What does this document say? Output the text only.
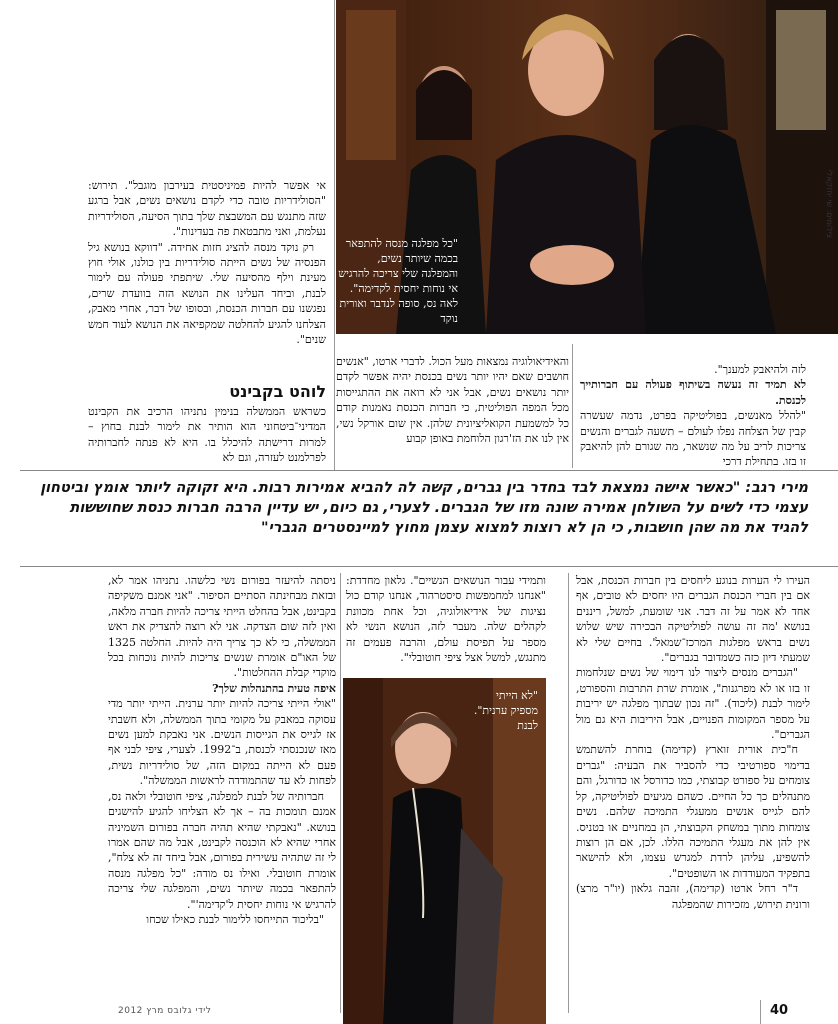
"כל מפלגה מנסה להתפאר בכמה שיותר נשים, והמפלגה שלי צריכה להרגיש אי נוחות יחסית לקדימה". לאה נס, סופה לנדבר ואורית נוקד
צילומים: שי יחזקאלי

אי אפשר להיות פמיניסטית בעירבון מוגבל". תירוש: "הסולידריות טובה כדי לקדם נושאים נשים, אבל ברגע שזה מתנגש עם המשבצת שלך בתוך הסיעה, הסולידריות נעלמת, ואני מתבטאת פה בעדינות".

רק נוקד מנסה להציג חזות אחידה. "דווקא בנושא גיל הפנסיה של נשים הייתה סולידריות בין כולנו, אולי חוץ מעינת וילף מהסיעה שלי. שיתפתי פעולה עם לימור לבנת, וביחד העלינו את הנושא הזה בוועדת שרים, נפגשנו עם חברות הכנסת, ובסופו של דבר, אחרי מאבק, הצלחנו להגיע להחלטה שמקפיאה את הנושא לעוד חמש שנים".

לוהט בקבינט
כשראש הממשלה בנימין נתניהו הרכיב את הקבינט המדיני־ביטחוני הוא הותיר את לימור לבנת בחוץ – למרות דרישתה להיכלל בו. היא לא פנתה לחברותיה לפרלמנט לעזרה, וגם לא
והאידיאולוגיה נמצאות מעל הכול. לדברי ארטו, "אנשים חושבים שאם יהיו יותר נשים בכנסת יהיה אפשר לקדם יותר נושאים נשים, אבל אני לא רואה את ההתגייסות מכל המפה הפוליטית, כי חברות הכנסת נאמנות קודם כל למשמעת הקואליציונית שלהן. אין שום אורקל נשי, אין לנו את הז'רגון הלוחמת באופן קבוע

לזה ולהיאבק למענך".

לא תמיד זה נעשה בשיתוף פעולה עם חברותייך לכנסת.

"להלל מאנשים, בפוליטיקה בפרט, נדמה שעשרה קבין של הצלחה נפלו לעולם – תשעה לגברים והנשים צריכות לריב על מה שנשאר, מה שגורם להן להיאבק זו בזו. בתחילת דרכי

מירי רגב: "כאשר אישה נמצאת לבד בחדר בין גברים, קשה לה להביא אמירות רבות. היא זקוקה ליותר אומץ וביטחון עצמי כדי לשים על השולחן אמירה שונה מזו של הגברים. לצערי, גם כיום, יש עדיין הרבה חברות כנסת שחוששות להגיד את מה שהן חושבות, כי הן לא רוצות למצוא עצמן מחוץ למיינסטרים הגברי"

ניסתה להיעזר בפורום נשי כלשהו. נתניהו אמר לא, ובזאת מבחינתה הסתיים הסיפור. "אני אמנם משקיפה בקבינט, אבל בהחלט הייתי צריכה להיות חברה מלאה, ואין לזה שום הצדקה. אני לא רוצה להצדיק את ראש הממשלה, כי לא כך צריך היה להיות. החלטה 1325 של האו"ם אומרת שנשים צריכות להיות נוכחות בכל מוקדי קבלת ההחלטות".

איפה טעית בהתנהלות שלך?

"אולי הייתי צריכה להיות יותר ערנית. הייתי יותר מדי עסוקה במאבק על מקומי בתוך הממשלה, ולא חשבתי אז לגייס את הגייסות הנשים. אני נאבקת למען נשים מאז שנכנסתי לכנסת, ב־1992. לצערי, ציפי לבני אף פעם לא הייתה במקום הזה, של סולידריות נשית, לפחות לא עד שהתמודדה לראשות הממשלה".

חברותיה של לבנת למפלגה, ציפי חוטובלי ולאה נס, אמנם תומכות בה – אך לא הצליחו להגיע להישגים בנושא. "נאבקתי שהיא תהיה חברה בפורום השמיניה אחרי שהיא לא הוכנסה לקבינט, אבל מה שהם אמרו לי זה שתהיה עשירית בפורום, אבל ביחד זה לא צלח", אומרת חוטובלי. ואילו נס מודה: "כל מפלגה מנסה להתפאר בכמה שיותר נשים, והמפלגה שלי צריכה להרגיש אי נוחות יחסית ל'קדימה'".

"בליכוד התייחסו ללימור לבנת כאילו שכחו

ותמידי עבור הנושאים הנשיים". גלאון מחדדת: "אנחנו למחמפשות סיסטרהוד, אנחנו קודם כול נציגות של אידיאולוגיה, וכל אחת מכוונת לקהלים שלה. מעבר לזה, הנושא הנשי לא מספר על תפיסת עולם, והרבה פעמים זה מתנגש, למשל אצל ציפי חוטובלי".
"לא הייתי מספיק ערנית". לבנת

העירו לי הערות בנוגע ליחסים בין חברות הכנסת, אבל אם בין חברי הכנסת הגברים היו יחסים לא טובים, אף אחד לא אמר על זה דבר. אני שומעת, למשל, ריננים בנושא 'מה זה עושה לפוליטיקה הבכירה שיש שלוש נשים בראש מפלגות המרכז־שמאל'. בחיים שלי לא שמעתי דיון כזה כשמדובר בגברים".

"הגברים מנסים ליצור לנו דימוי של נשים שנלחמות זו בזו או לא מפרגנות", אומרת שרת התרבות והספורט, לימור לבנת (ליכוד). "זה נכון שבתוך מפלגה יש יריבות על מספר המקומות הפנויים, אבל היריבות היא גם מול הגברים".

ח"כית אורית זוארץ (קדימה) בוחרת להשתמש בדימוי ספורטיבי כדי להסביר את הבעיה: "גברים צומחים על ספורט קבוצתי, כמו כדורסל או כדורגל, והם מתנהלים כך כל החיים. כשהם מגיעים לפוליטיקה, קל להם לגייס אנשים ממעגלי התמיכה שלהם. נשים צומחות מתוך במשחק הקבוצתי, הן במחניים או בטניס. אין להן את מעגלי התמיכה הללו. לכן, אם הן רוצות להשפיע, עליהן לרדת למגרש עצמו, ולא להישאר בתפקיד המעודדות או השופטים".

ד"ר רחל ארטו (קדימה), זהבה גלאון (יו"ר מרצ) ורונית תירוש, מזכירות שהמפלגה

לידי גלובס מרץ 2012	40
